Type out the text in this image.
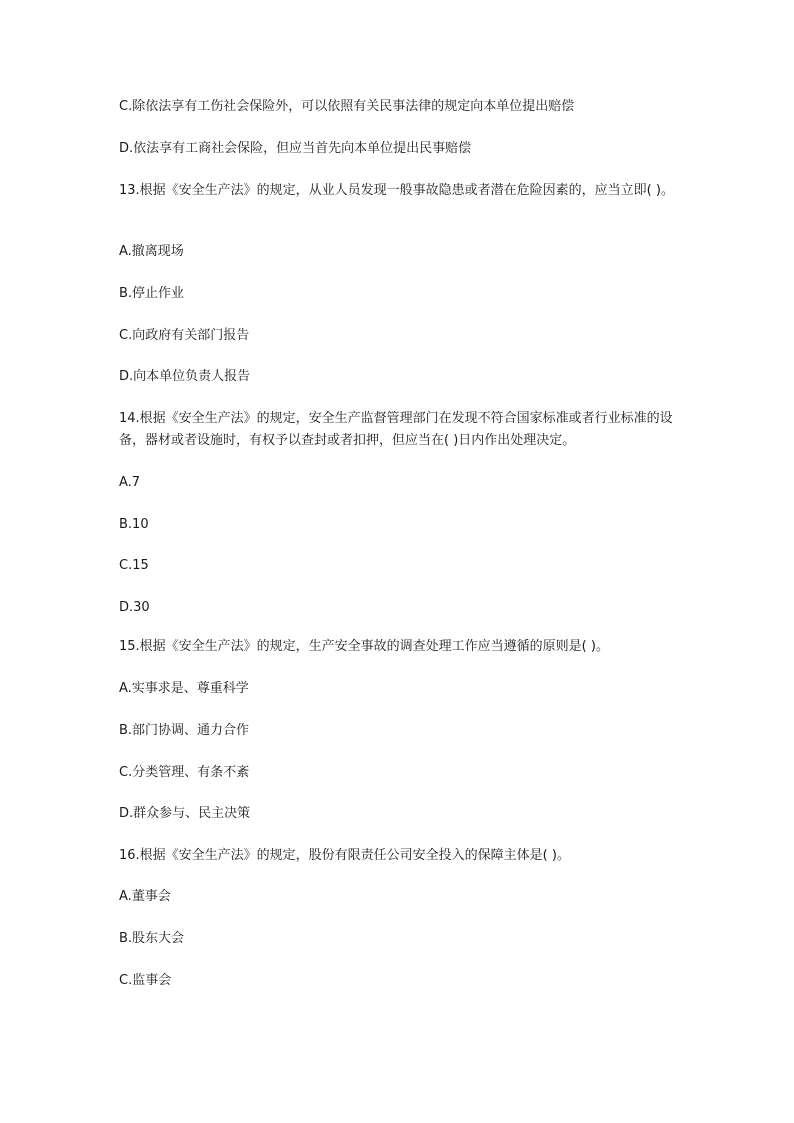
C.除依法享有工伤社会保险外，可以依照有关民事法律的规定向本单位提出赔偿
D.依法享有工商社会保险，但应当首先向本单位提出民事赔偿
13.根据《安全生产法》的规定，从业人员发现一般事故隐患或者潜在危险因素的，应当立即( )。
A.撤离现场
B.停止作业
C.向政府有关部门报告
D.向本单位负责人报告
14.根据《安全生产法》的规定，安全生产监督管理部门在发现不符合国家标准或者行业标准的设备，器材或者设施时，有权予以查封或者扣押，但应当在( )日内作出处理决定。
A.7
B.10
C.15
D.30
15.根据《安全生产法》的规定，生产安全事故的调查处理工作应当遵循的原则是( )。
A.实事求是、尊重科学
B.部门协调、通力合作
C.分类管理、有条不紊
D.群众参与、民主决策
16.根据《安全生产法》的规定，股份有限责任公司安全投入的保障主体是( )。
A.董事会
B.股东大会
C.监事会
